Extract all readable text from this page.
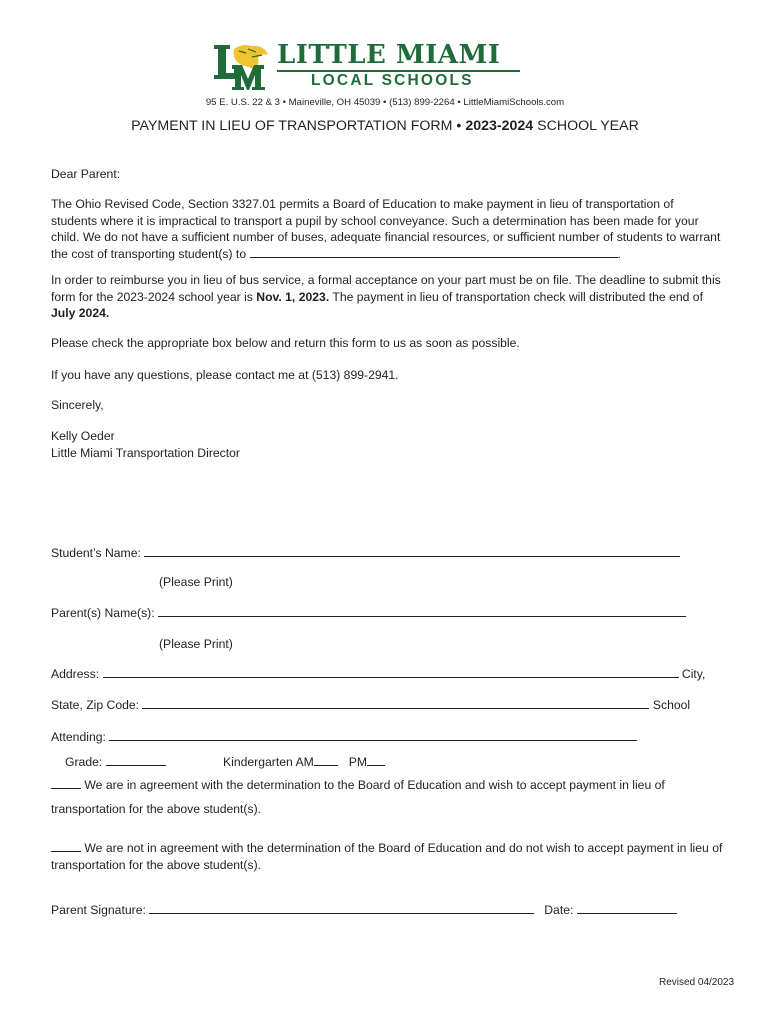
LITTLE MIAMI
LOCAL SCHOOLS
95 E. U.S. 22 & 3 • Maineville, OH 45039 • (513) 899-2264 • LittleMiamiSchools.com
PAYMENT IN LIEU OF TRANSPORTATION FORM • 2023-2024 SCHOOL YEAR
Dear Parent:
The Ohio Revised Code, Section 3327.01 permits a Board of Education to make payment in lieu of transportation of students where it is impractical to transport a pupil by school conveyance. Such a determination has been made for your child. We do not have a sufficient number of buses, adequate financial resources, or sufficient number of students to warrant the cost of transporting student(s) to	.
In order to reimburse you in lieu of bus service, a formal acceptance on your part must be on file. The deadline to submit this form for the 2023-2024 school year is Nov. 1, 2023. The payment in lieu of transportation check will distributed the end of July 2024.
Please check the appropriate box below and return this form to us as soon as possible.
If you have any questions, please contact me at (513) 899-2941.
Sincerely,
Kelly Oeder
Little Miami Transportation Director
Student’s Name:
(Please Print)
Parent(s) Name(s):
(Please Print)
Address:	City,
State, Zip Code:	School
Attending:
Grade:	Kindergarten AM	PM
We are in agreement with the determination to the Board of Education and wish to accept payment in lieu of
transportation for the above student(s).
We are not in agreement with the determination of the Board of Education and do not wish to accept payment in lieu of transportation for the above student(s).
Parent Signature:	Date:
Revised 04/2023
